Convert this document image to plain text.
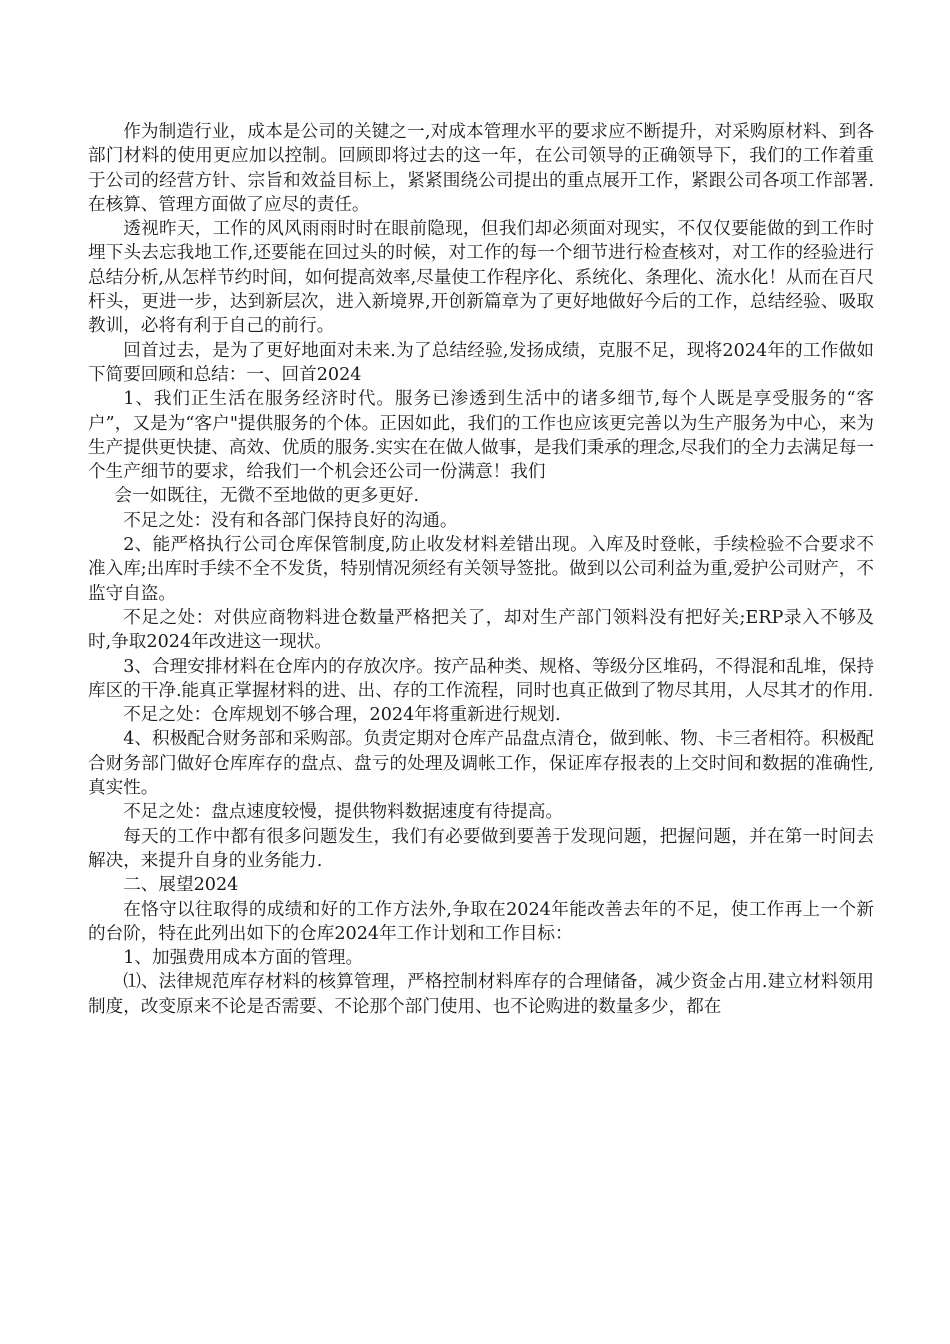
作为制造行业，成本是公司的关键之一,对成本管理水平的要求应不断提升，对采购原材料、到各部门材料的使用更应加以控制。回顾即将过去的这一年，在公司领导的正确领导下，我们的工作着重于公司的经营方针、宗旨和效益目标上，紧紧围绕公司提出的重点展开工作，紧跟公司各项工作部署.在核算、管理方面做了应尽的责任。

透视昨天，工作的风风雨雨时时在眼前隐现，但我们却必须面对现实，不仅仅要能做的到工作时埋下头去忘我地工作,还要能在回过头的时候，对工作的每一个细节进行检查核对，对工作的经验进行总结分析,从怎样节约时间，如何提高效率,尽量使工作程序化、系统化、条理化、流水化！从而在百尺杆头，更进一步，达到新层次，进入新境界,开创新篇章为了更好地做好今后的工作，总结经验、吸取教训，必将有利于自己的前行。

回首过去，是为了更好地面对未来.为了总结经验,发扬成绩，克服不足，现将2024年的工作做如下简要回顾和总结：一、回首2024

1、我们正生活在服务经济时代。服务已渗透到生活中的诸多细节,每个人既是享受服务的“客户”，又是为“客户"提供服务的个体。正因如此，我们的工作也应该更完善以为生产服务为中心，来为生产提供更快捷、高效、优质的服务.实实在在做人做事，是我们秉承的理念,尽我们的全力去满足每一个生产细节的要求，给我们一个机会还公司一份满意！我们

会一如既往，无微不至地做的更多更好.

不足之处：没有和各部门保持良好的沟通。

2、能严格执行公司仓库保管制度,防止收发材料差错出现。入库及时登帐，手续检验不合要求不准入库;出库时手续不全不发货，特别情况须经有关领导签批。做到以公司利益为重,爱护公司财产，不监守自盗。

不足之处：对供应商物料进仓数量严格把关了，却对生产部门领料没有把好关;ERP录入不够及时,争取2024年改进这一现状。

3、合理安排材料在仓库内的存放次序。按产品种类、规格、等级分区堆码，不得混和乱堆，保持库区的干净.能真正掌握材料的进、出、存的工作流程，同时也真正做到了物尽其用，人尽其才的作用.

不足之处：仓库规划不够合理，2024年将重新进行规划.

4、积极配合财务部和采购部。负责定期对仓库产品盘点清仓，做到帐、物、卡三者相符。积极配合财务部门做好仓库库存的盘点、盘亏的处理及调帐工作，保证库存报表的上交时间和数据的准确性,真实性。

不足之处：盘点速度较慢，提供物料数据速度有待提高。

每天的工作中都有很多问题发生，我们有必要做到要善于发现问题，把握问题，并在第一时间去解决，来提升自身的业务能力.

二、展望2024

在恪守以往取得的成绩和好的工作方法外,争取在2024年能改善去年的不足，使工作再上一个新的台阶，特在此列出如下的仓库2024年工作计划和工作目标：

1、加强费用成本方面的管理。

⑴、法律规范库存材料的核算管理，严格控制材料库存的合理储备，减少资金占用.建立材料领用制度，改变原来不论是否需要、不论那个部门使用、也不论购进的数量多少，都在
